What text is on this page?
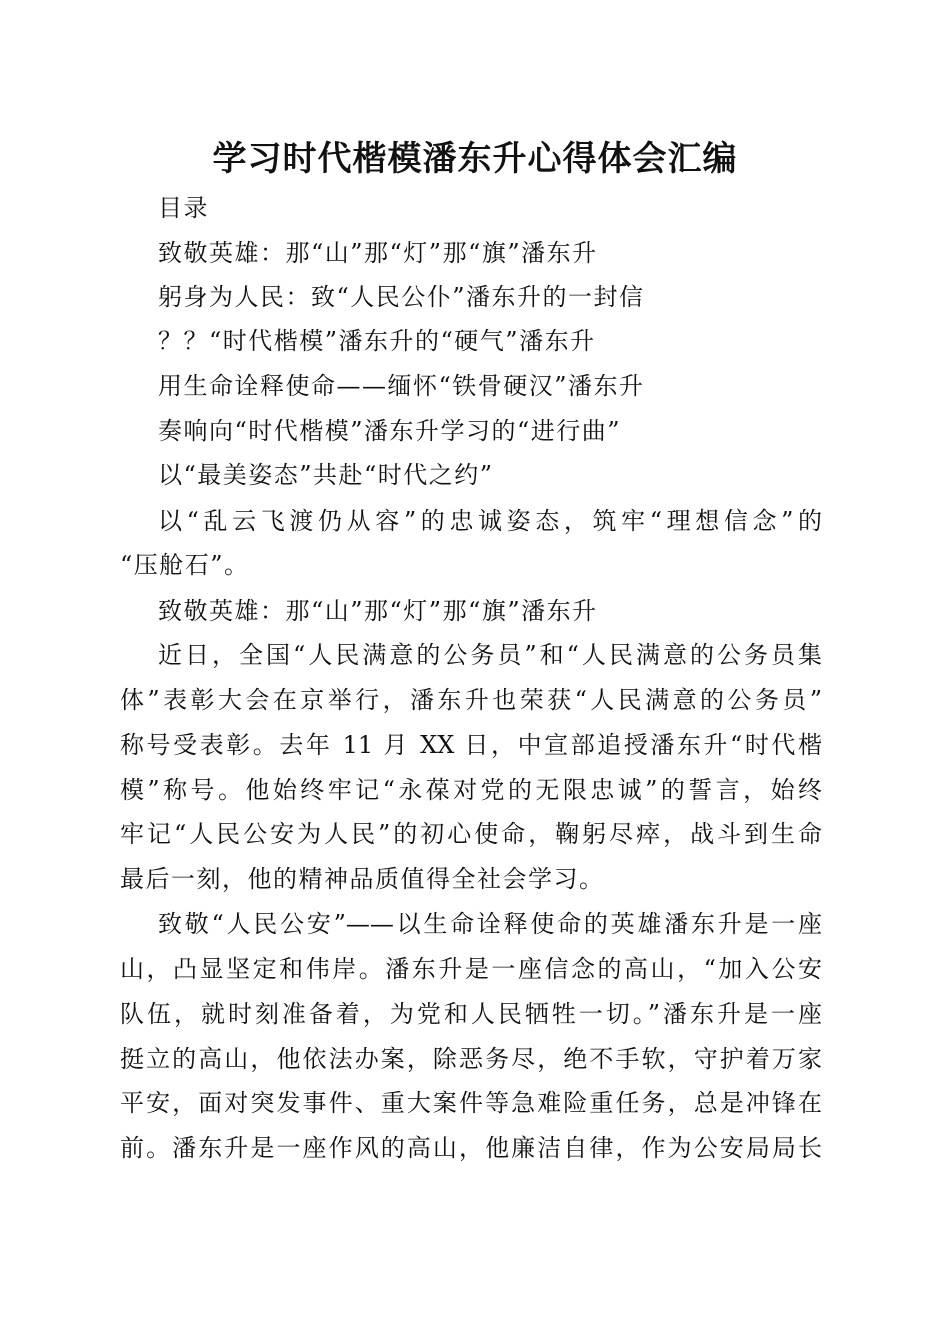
学习时代楷模潘东升心得体会汇编
目录
致敬英雄：那“山”那“灯”那“旗”潘东升
躬身为人民：致“人民公仆”潘东升的一封信
？？“时代楷模”潘东升的“硬气”潘东升
用生命诠释使命——缅怀“铁骨硬汉”潘东升
奏响向“时代楷模”潘东升学习的“进行曲”
以“最美姿态”共赴“时代之约”
以“乱云飞渡仍从容”的忠诚姿态，筑牢“理想信念”的
“压舱石”。
致敬英雄：那“山”那“灯”那“旗”潘东升
近日，全国“人民满意的公务员”和“人民满意的公务员集
体”表彰大会在京举行，潘东升也荣获“人民满意的公务员”
称号受表彰。去年 11 月 XX 日，中宣部追授潘东升“时代楷
模”称号。他始终牢记“永葆对党的无限忠诚”的誓言，始终
牢记“人民公安为人民”的初心使命，鞠躬尽瘁，战斗到生命
最后一刻，他的精神品质值得全社会学习。
致敬“人民公安”——以生命诠释使命的英雄潘东升是一座
山，凸显坚定和伟岸。潘东升是一座信念的高山，“加入公安
队伍，就时刻准备着，为党和人民牺牲一切。”潘东升是一座
挺立的高山，他依法办案，除恶务尽，绝不手软，守护着万家
平安，面对突发事件、重大案件等急难险重任务，总是冲锋在
前。潘东升是一座作风的高山，他廉洁自律，作为公安局局长
